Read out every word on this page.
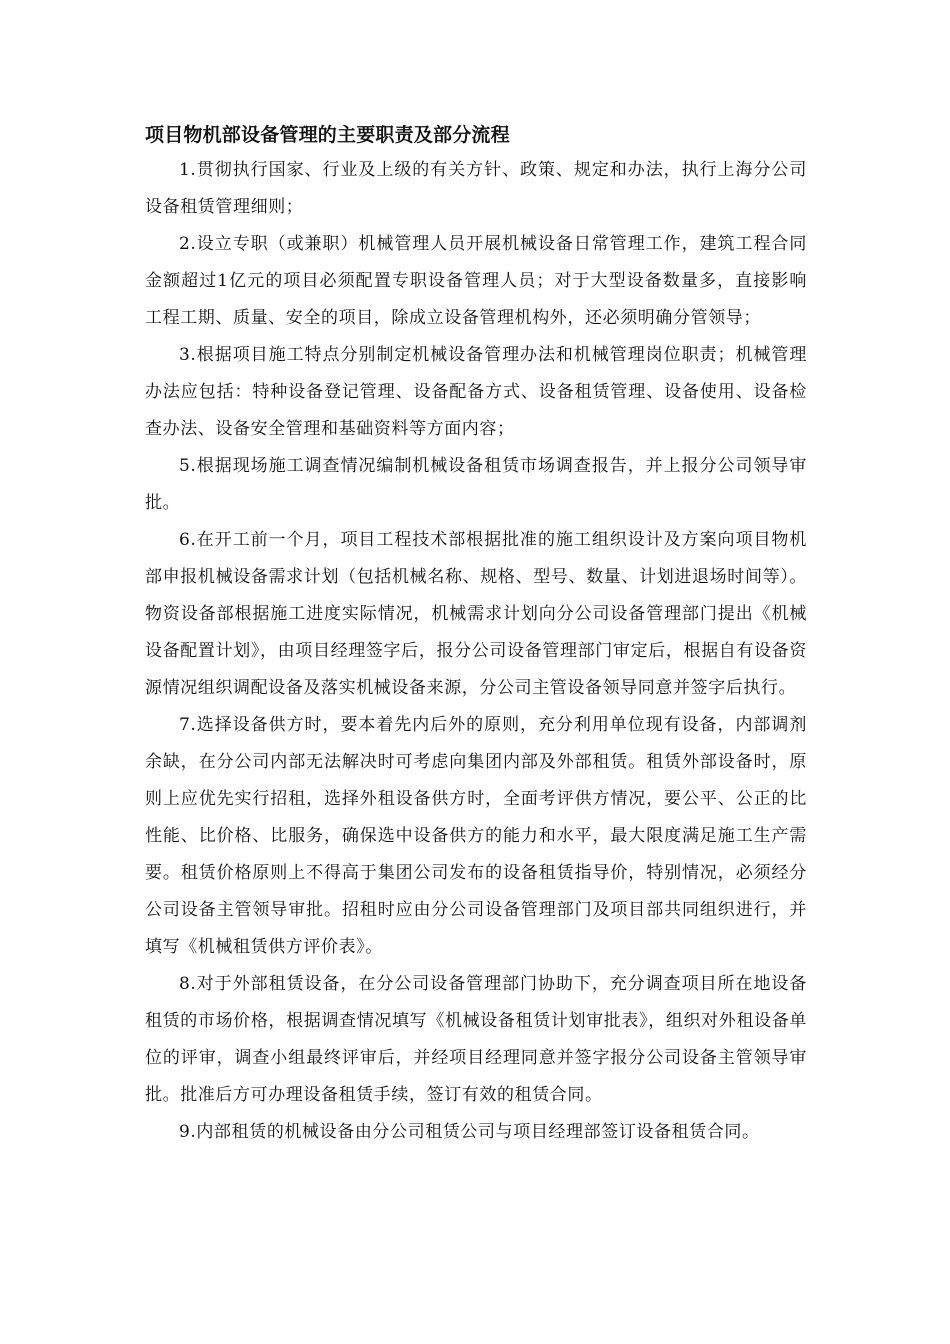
项目物机部设备管理的主要职责及部分流程

1.贯彻执行国家、行业及上级的有关方针、政策、规定和办法，执行上海分公司设备租赁管理细则；

2.设立专职（或兼职）机械管理人员开展机械设备日常管理工作，建筑工程合同金额超过1亿元的项目必须配置专职设备管理人员；对于大型设备数量多，直接影响工程工期、质量、安全的项目，除成立设备管理机构外，还必须明确分管领导；

3.根据项目施工特点分别制定机械设备管理办法和机械管理岗位职责；机械管理办法应包括：特种设备登记管理、设备配备方式、设备租赁管理、设备使用、设备检查办法、设备安全管理和基础资料等方面内容；

5.根据现场施工调查情况编制机械设备租赁市场调查报告，并上报分公司领导审批。

6.在开工前一个月，项目工程技术部根据批准的施工组织设计及方案向项目物机部申报机械设备需求计划（包括机械名称、规格、型号、数量、计划进退场时间等）。物资设备部根据施工进度实际情况，机械需求计划向分公司设备管理部门提出《机械设备配置计划》，由项目经理签字后，报分公司设备管理部门审定后，根据自有设备资源情况组织调配设备及落实机械设备来源，分公司主管设备领导同意并签字后执行。

7.选择设备供方时，要本着先内后外的原则，充分利用单位现有设备，内部调剂余缺，在分公司内部无法解决时可考虑向集团内部及外部租赁。租赁外部设备时，原则上应优先实行招租，选择外租设备供方时，全面考评供方情况，要公平、公正的比性能、比价格、比服务，确保选中设备供方的能力和水平，最大限度满足施工生产需要。租赁价格原则上不得高于集团公司发布的设备租赁指导价，特别情况，必须经分公司设备主管领导审批。招租时应由分公司设备管理部门及项目部共同组织进行，并填写《机械租赁供方评价表》。

8.对于外部租赁设备，在分公司设备管理部门协助下，充分调查项目所在地设备租赁的市场价格，根据调查情况填写《机械设备租赁计划审批表》，组织对外租设备单位的评审，调查小组最终评审后，并经项目经理同意并签字报分公司设备主管领导审批。批准后方可办理设备租赁手续，签订有效的租赁合同。

9.内部租赁的机械设备由分公司租赁公司与项目经理部签订设备租赁合同。
